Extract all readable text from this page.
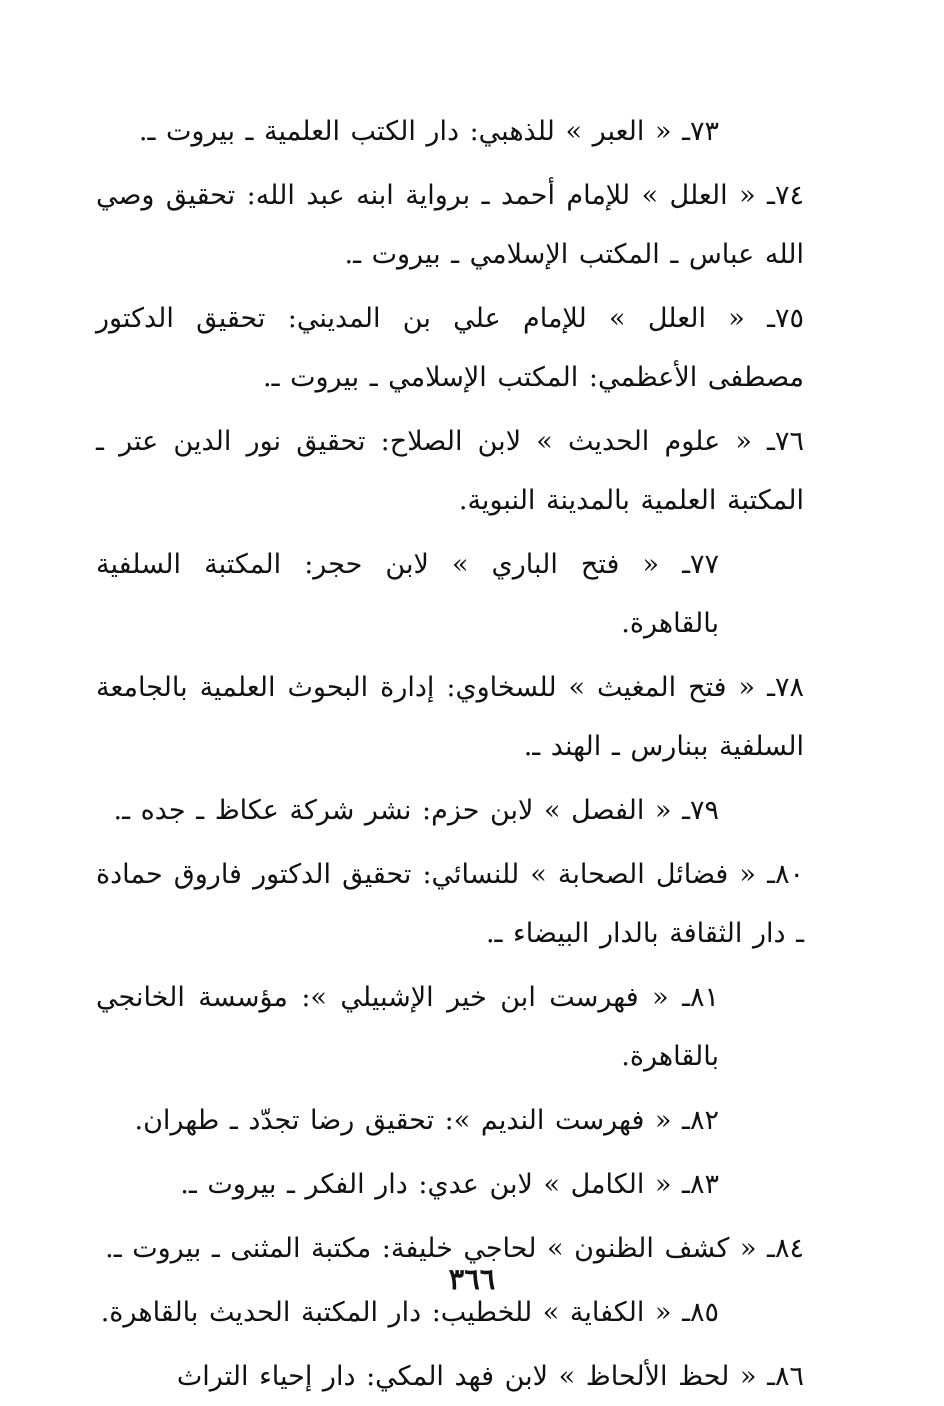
٧٣ـ « العبر » للذهبي: دار الكتب العلمية ـ بيروت ـ.

٧٤ـ « العلل » للإمام أحمد ـ برواية ابنه عبد الله: تحقيق وصي الله عباس ـ المكتب الإسلامي ـ بيروت ـ.

٧٥ـ « العلل » للإمام علي بن المديني: تحقيق الدكتور مصطفى الأعظمي: المكتب الإسلامي ـ بيروت ـ.

٧٦ـ « علوم الحديث » لابن الصلاح: تحقيق نور الدين عتر ـ المكتبة العلمية بالمدينة النبوية.

٧٧ـ « فتح الباري » لابن حجر: المكتبة السلفية بالقاهرة.

٧٨ـ « فتح المغيث » للسخاوي: إدارة البحوث العلمية بالجامعة السلفية ببنارس ـ الهند ـ.

٧٩ـ « الفصل » لابن حزم: نشر شركة عكاظ ـ جده ـ.

٨٠ـ « فضائل الصحابة » للنسائي: تحقيق الدكتور فاروق حمادة ـ دار الثقافة بالدار البيضاء ـ.

٨١ـ « فهرست ابن خير الإشبيلي »: مؤسسة الخانجي بالقاهرة.

٨٢ـ « فهرست النديم »: تحقيق رضا تجدّد ـ طهران.

٨٣ـ « الكامل » لابن عدي: دار الفكر ـ بيروت ـ.

٨٤ـ « كشف الظنون » لحاجي خليفة: مكتبة المثنى ـ بيروت ـ.

٨٥ـ « الكفاية » للخطيب: دار المكتبة الحديث بالقاهرة.

٨٦ـ « لحظ الألحاظ » لابن فهد المكي: دار إحياء التراث

٣٦٦
